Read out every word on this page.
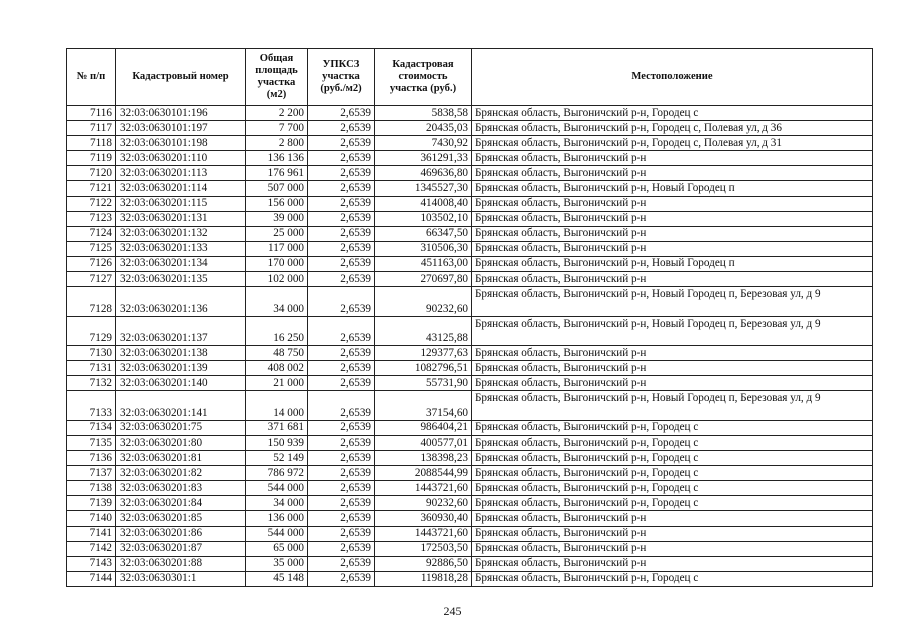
№ п/п	Кадастровый номер	Общая площадь участка (м2)	УПКСЗ участка (руб./м2)	Кадастровая стоимость участка (руб.)	Местоположение
7116	32:03:0630101:196	2 200	2,6539	5838,58	Брянская область, Выгоничский р-н, Городец с
7117	32:03:0630101:197	7 700	2,6539	20435,03	Брянская область, Выгоничский р-н, Городец с, Полевая ул, д 36
7118	32:03:0630101:198	2 800	2,6539	7430,92	Брянская область, Выгоничский р-н, Городец с, Полевая ул, д 31
7119	32:03:0630201:110	136 136	2,6539	361291,33	Брянская область, Выгоничский р-н
7120	32:03:0630201:113	176 961	2,6539	469636,80	Брянская область, Выгоничский р-н
7121	32:03:0630201:114	507 000	2,6539	1345527,30	Брянская область, Выгоничский р-н, Новый Городец п
7122	32:03:0630201:115	156 000	2,6539	414008,40	Брянская область, Выгоничский р-н
7123	32:03:0630201:131	39 000	2,6539	103502,10	Брянская область, Выгоничский р-н
7124	32:03:0630201:132	25 000	2,6539	66347,50	Брянская область, Выгоничский р-н
7125	32:03:0630201:133	117 000	2,6539	310506,30	Брянская область, Выгоничский р-н
7126	32:03:0630201:134	170 000	2,6539	451163,00	Брянская область, Выгоничский р-н, Новый Городец п
7127	32:03:0630201:135	102 000	2,6539	270697,80	Брянская область, Выгоничский р-н
7128	32:03:0630201:136	34 000	2,6539	90232,60	Брянская область, Выгоничский р-н, Новый Городец п, Березовая ул, д 9
7129	32:03:0630201:137	16 250	2,6539	43125,88	Брянская область, Выгоничский р-н, Новый Городец п, Березовая ул, д 9
7130	32:03:0630201:138	48 750	2,6539	129377,63	Брянская область, Выгоничский р-н
7131	32:03:0630201:139	408 002	2,6539	1082796,51	Брянская область, Выгоничский р-н
7132	32:03:0630201:140	21 000	2,6539	55731,90	Брянская область, Выгоничский р-н
7133	32:03:0630201:141	14 000	2,6539	37154,60	Брянская область, Выгоничский р-н, Новый Городец п, Березовая ул, д 9
7134	32:03:0630201:75	371 681	2,6539	986404,21	Брянская область, Выгоничский р-н, Городец с
7135	32:03:0630201:80	150 939	2,6539	400577,01	Брянская область, Выгоничский р-н, Городец с
7136	32:03:0630201:81	52 149	2,6539	138398,23	Брянская область, Выгоничский р-н, Городец с
7137	32:03:0630201:82	786 972	2,6539	2088544,99	Брянская область, Выгоничский р-н, Городец с
7138	32:03:0630201:83	544 000	2,6539	1443721,60	Брянская область, Выгоничский р-н, Городец с
7139	32:03:0630201:84	34 000	2,6539	90232,60	Брянская область, Выгоничский р-н, Городец с
7140	32:03:0630201:85	136 000	2,6539	360930,40	Брянская область, Выгоничский р-н
7141	32:03:0630201:86	544 000	2,6539	1443721,60	Брянская область, Выгоничский р-н
7142	32:03:0630201:87	65 000	2,6539	172503,50	Брянская область, Выгоничский р-н
7143	32:03:0630201:88	35 000	2,6539	92886,50	Брянская область, Выгоничский р-н
7144	32:03:0630301:1	45 148	2,6539	119818,28	Брянская область, Выгоничский р-н, Городец с
245
